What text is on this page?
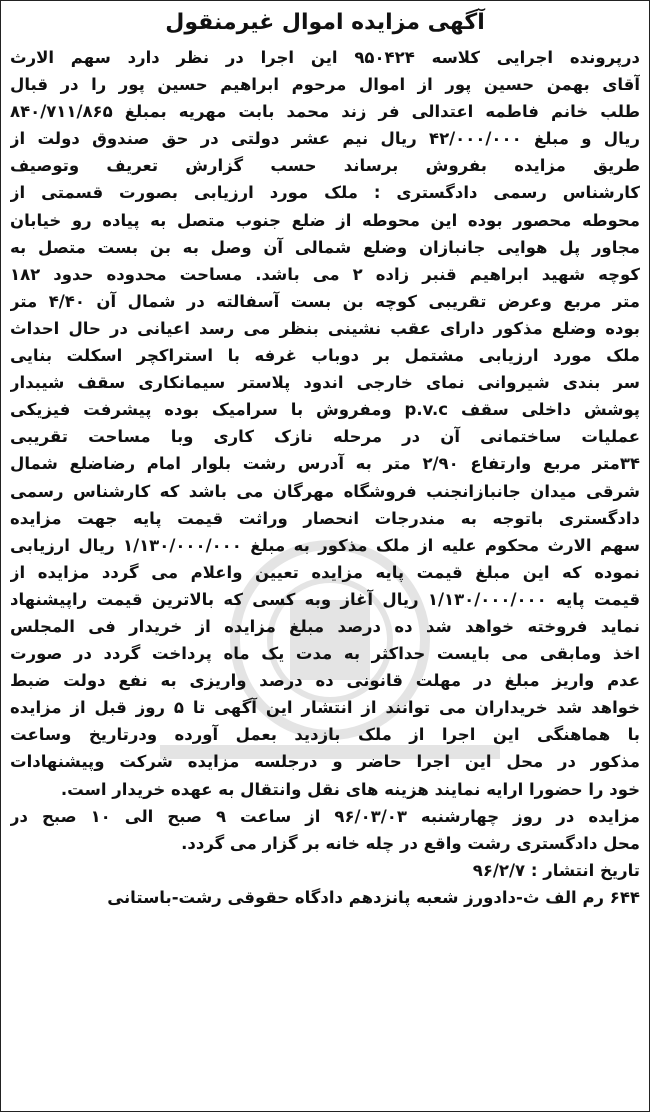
آگهی مزایده اموال غیرمنقول
درپرونده اجرایی کلاسه ۹۵۰۴۲۴ این اجرا در نظر دارد سهم الارث
آقای بهمن حسین پور از اموال مرحوم ابراهیم حسین پور را در قبال
طلب خانم فاطمه اعتدالی فر زند محمد بابت مهریه بمبلغ ۸۴۰/۷۱۱/۸۶۵
ریال و مبلغ ۴۲/۰۰۰/۰۰۰ ریال نیم عشر دولتی در حق صندوق دولت از
طریق مزایده بفروش برساند حسب گزارش تعریف وتوصیف
کارشناس رسمی دادگستری : ملک مورد ارزیابی بصورت قسمتی از
محوطه محصور بوده این محوطه از ضلع جنوب متصل به پیاده رو خیابان
مجاور پل هوایی جانبازان وضلع شمالی آن وصل به بن بست متصل به
کوچه شهید ابراهیم قنبر زاده ۲ می باشد. مساحت محدوده حدود ۱۸۲
متر مربع وعرض تقریبی کوچه بن بست آسفالته در شمال آن ۴/۴۰ متر
بوده وضلع مذکور دارای عقب نشینی بنظر می رسد اعیانی در حال احداث
ملک مورد ارزیابی مشتمل بر دوباب غرفه با استراکچر اسکلت بنایی
سر بندی شیروانی نمای خارجی اندود پلاستر سیمانکاری سقف شیبدار
پوشش داخلی سقف p.v.c ومفروش با سرامیک بوده پیشرفت فیزیکی
عملیات ساختمانی آن در مرحله نازک کاری وبا مساحت تقریبی
۳۴متر مربع وارتفاع ۲/۹۰ متر به آدرس رشت بلوار امام رضاضلع شمال
شرقی میدان جانبازانجنب فروشگاه مهرگان می باشد که کارشناس رسمی
دادگستری باتوجه به مندرجات انحصار وراثت قیمت پایه جهت مزایده
سهم الارث محکوم علیه از ملک مذکور به مبلغ ۱/۱۳۰/۰۰۰/۰۰۰ ریال ارزیابی
نموده که این مبلغ قیمت پایه مزایده تعیین واعلام می گردد مزایده از
قیمت پایه ۱/۱۳۰/۰۰۰/۰۰۰ ریال آغاز وبه کسی که بالاترین قیمت راپیشنهاد
نماید فروخته خواهد شد ده درصد مبلغ مزایده از خریدار فی المجلس
اخذ ومابقی می بایست حداکثر به مدت یک ماه پرداخت گردد در صورت
عدم واریز مبلغ در مهلت قانونی ده درصد واریزی به نفع دولت ضبط
خواهد شد خریداران می توانند از انتشار این آگهی تا ۵ روز قبل از مزایده
با هماهنگی این اجرا از ملک بازدید بعمل آورده ودرتاریخ وساعت
مذکور در محل این اجرا حاضر و درجلسه مزایده شرکت وپیشنهادات
خود را حضورا ارایه نمایند هزینه های نقل وانتقال به عهده خریدار است.
مزایده در روز چهارشنبه ۹۶/۰۳/۰۳ از ساعت ۹ صبح الی ۱۰ صبح در
محل دادگستری رشت واقع در چله خانه بر گزار می گردد.
تاریخ انتشار : ۹۶/۲/۷
۶۴۴ رم الف ث-دادورز شعبه پانزدهم دادگاه حقوقی رشت-باستانی
